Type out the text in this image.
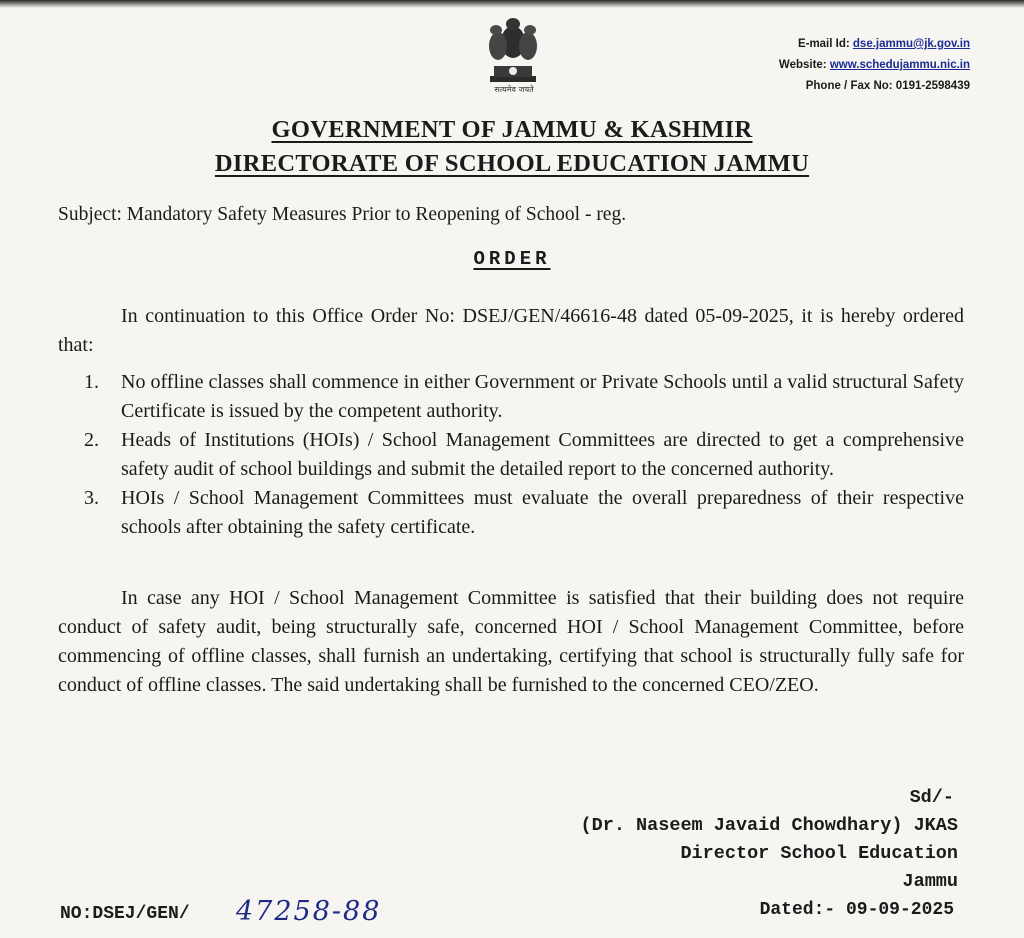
सत्यमेव जयते
E-mail Id: dse.jammu@jk.gov.in
Website: www.schedujammu.nic.in
Phone / Fax No: 0191-2598439
GOVERNMENT OF JAMMU & KASHMIR
DIRECTORATE OF SCHOOL EDUCATION JAMMU
Subject: Mandatory Safety Measures Prior to Reopening of School - reg.
ORDER
In continuation to this Office Order No: DSEJ/GEN/46616-48 dated 05-09-2025, it is hereby ordered that:
1.	No offline classes shall commence in either Government or Private Schools until a valid structural Safety Certificate is issued by the competent authority.
2.	Heads of Institutions (HOIs) / School Management Committees are directed to get a comprehensive safety audit of school buildings and submit the detailed report to the concerned authority.
3.	HOIs / School Management Committees must evaluate the overall preparedness of their respective schools after obtaining the safety certificate.
In case any HOI / School Management Committee is satisfied that their building does not require conduct of safety audit, being structurally safe, concerned HOI / School Management Committee, before commencing of offline classes, shall furnish an undertaking, certifying that school is structurally fully safe for conduct of offline classes. The said undertaking shall be furnished to the concerned CEO/ZEO.
Sd/-
(Dr. Naseem Javaid Chowdhary) JKAS
Director School Education
Jammu
NO:DSEJ/GEN/ 47258-88	Dated:- 09-09-2025
